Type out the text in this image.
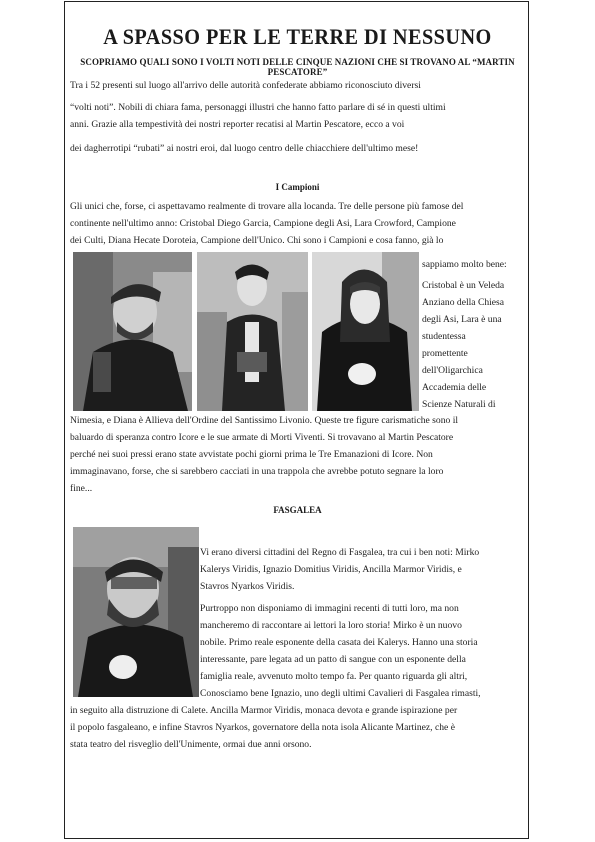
A SPASSO PER LE TERRE DI NESSUNO
SCOPRIAMO QUALI SONO I VOLTI NOTI DELLE CINQUE NAZIONI CHE SI TROVANO AL “MARTIN PESCATORE”
Tra i 52 presenti sul luogo all'arrivo delle autorità confederate abbiamo riconosciuto diversi
“volti noti”. Nobili di chiara fama, personaggi illustri che hanno fatto parlare di sé in questi ultimi
anni. Grazie alla tempestività dei nostri reporter recatisi al Martin Pescatore, ecco a voi
dei dagherrotipi “rubati” ai nostri eroi, dal luogo centro delle chiacchiere dell'ultimo mese!
I Campioni
Gli unici che, forse, ci aspettavamo realmente di trovare alla locanda. Tre delle persone più famose del
continente nell'ultimo anno: Cristobal Diego Garcia, Campione degli Asi, Lara Crowford, Campione
dei Culti, Diana Hecate Doroteia, Campione dell'Unico. Chi sono i Campioni e cosa fanno, già lo
sappiamo molto bene:
Cristobal è un Veleda
Anziano della Chiesa
degli Asi, Lara è una
studentessa
promettente
dell'Oligarchica
Accademia delle
Scienze Naturali di
Nimesia, e Diana è Allieva dell'Ordine del Santissimo Livonio. Queste tre figure carismatiche sono il
baluardo di speranza contro Icore e le sue armate di Morti Viventi. Si trovavano al Martin Pescatore
perché nei suoi pressi erano state avvistate pochi giorni prima le Tre Emanazioni di Icore. Non
immaginavano, forse, che si sarebbero cacciati in una trappola che avrebbe potuto segnare la loro
fine...
FASGALEA
Vi erano diversi cittadini del Regno di Fasgalea, tra cui i ben noti: Mirko
Kalerys Viridis, Ignazio Domitius Viridis, Ancilla Marmor Viridis, e
Stavros Nyarkos Viridis.
Purtroppo non disponiamo di immagini recenti di tutti loro, ma non
mancheremo di raccontare ai lettori la loro storia! Mirko è un nuovo
nobile. Primo reale esponente della casata dei Kalerys. Hanno una storia
interessante, pare legata ad un patto di sangue con un esponente della
famiglia reale, avvenuto molto tempo fa. Per quanto riguarda gli altri,
Conosciamo bene Ignazio, uno degli ultimi Cavalieri di Fasgalea rimasti,
in seguito alla distruzione di Calete. Ancilla Marmor Viridis, monaca devota e grande ispirazione per
il popolo fasgaleano, e infine Stavros Nyarkos, governatore della nota isola Alicante Martinez, che è
stata teatro del risveglio dell'Unimente, ormai due anni orsono.
